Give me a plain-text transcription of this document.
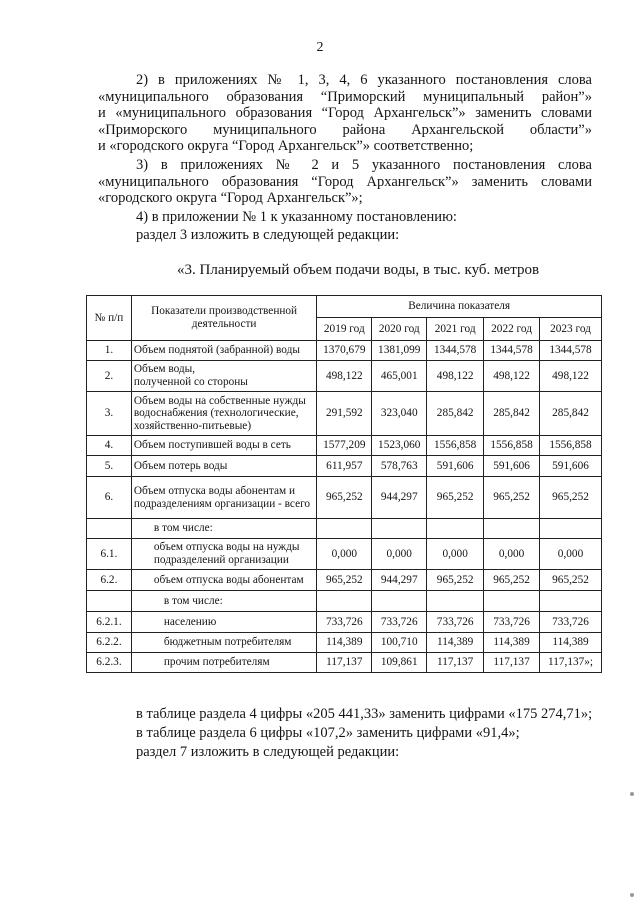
2
2) в приложениях № 1, 3, 4, 6 указанного постановления слова
«муниципального образования “Приморский муниципальный район”»
и «муниципального образования “Город Архангельск”» заменить словами
«Приморского муниципального района Архангельской области”»
и «городского округа “Город Архангельск”» соответственно;
3) в приложениях № 2 и 5 указанного постановления слова
«муниципального образования “Город Архангельск”» заменить словами
«городского округа “Город Архангельск”»;
4) в приложении № 1 к указанному постановлению:
раздел 3 изложить в следующей редакции:
«3. Планируемый объем подачи воды, в тыс. куб. метров
№ п/п	Показатели производственной деятельности	Величина показателя				
		2019 год	2020 год	2021 год	2022 год	2023 год
1.	Объем поднятой (забранной) воды	1370,679	1381,099	1344,578	1344,578	1344,578
2.	Объем воды, полученной со стороны	498,122	465,001	498,122	498,122	498,122
3.	Объем воды на собственные нужды водоснабжения (технологические, хозяйственно-питьевые)	291,592	323,040	285,842	285,842	285,842
4.	Объем поступившей воды в сеть	1577,209	1523,060	1556,858	1556,858	1556,858
5.	Объем потерь воды	611,957	578,763	591,606	591,606	591,606
6.	Объем отпуска воды абонентам и подразделениям организации - всего	965,252	944,297	965,252	965,252	965,252
	в том числе:					
6.1.	объем отпуска воды на нужды подразделений организации	0,000	0,000	0,000	0,000	0,000
6.2.	объем отпуска воды абонентам	965,252	944,297	965,252	965,252	965,252
	в том числе:					
6.2.1.	населению	733,726	733,726	733,726	733,726	733,726
6.2.2.	бюджетным потребителям	114,389	100,710	114,389	114,389	114,389
6.2.3.	прочим потребителям	117,137	109,861	117,137	117,137	117,137»;
в таблице раздела 4 цифры «205 441,33» заменить цифрами «175 274,71»;
в таблице раздела 6 цифры «107,2» заменить цифрами «91,4»;
раздел 7 изложить в следующей редакции:
